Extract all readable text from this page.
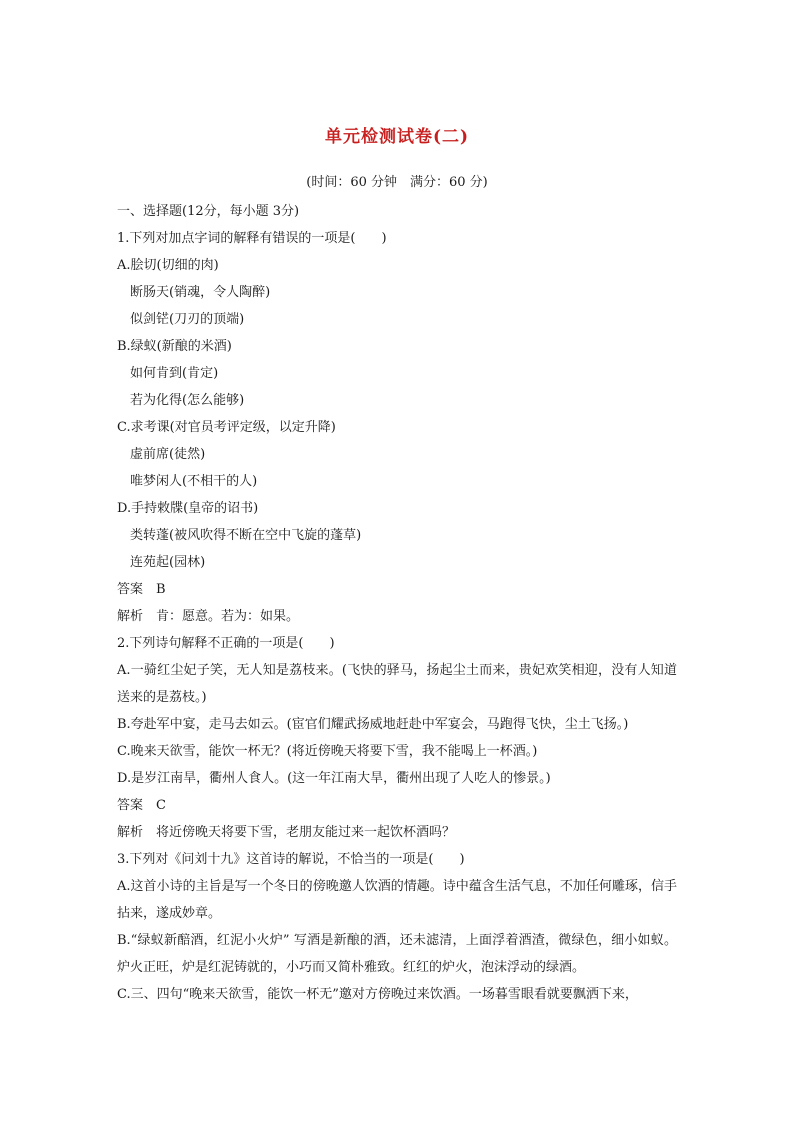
单元检测试卷(二)
(时间：60 分钟　满分：60 分)

一、选择题(12分，每小题 3分)

1.下列对加点字词的解释有错误的一项是(　　)

A.脍切(切细的肉)

断肠天(销魂，令人陶醉)

似剑铓(刀刃的顶端)

B.绿蚁(新酿的米酒)

如何肯到(肯定)

若为化得(怎么能够)

C.求考课(对官员考评定级，以定升降)

虚前席(徒然)

唯梦闲人(不相干的人)

D.手持敕牒(皇帝的诏书)

类转蓬(被风吹得不断在空中飞旋的蓬草)

连苑起(园林)

答案　B

解析　肯：愿意。若为：如果。

2.下列诗句解释不正确的一项是(　　)

A.一骑红尘妃子笑，无人知是荔枝来。(飞快的驿马，扬起尘土而来，贵妃欢笑相迎，没有人知道送来的是荔枝。)

B.夸赴军中宴，走马去如云。(宦官们耀武扬威地赶赴中军宴会，马跑得飞快，尘土飞扬。)

C.晚来天欲雪，能饮一杯无？(将近傍晚天将要下雪，我不能喝上一杯酒。)

D.是岁江南旱，衢州人食人。(这一年江南大旱，衢州出现了人吃人的惨景。)

答案　C

解析　将近傍晚天将要下雪，老朋友能过来一起饮杯酒吗？

3.下列对《问刘十九》这首诗的解说，不恰当的一项是(　　)

A.这首小诗的主旨是写一个冬日的傍晚邀人饮酒的情趣。诗中蕴含生活气息，不加任何雕琢，信手拈来，遂成妙章。

B.“绿蚁新醅酒，红泥小火炉” 写酒是新酿的酒，还未滤清，上面浮着酒渣，微绿色，细小如蚁。炉火正旺，炉是红泥铸就的，小巧而又简朴雅致。红红的炉火，泡沫浮动的绿酒。

C.三、四句“晚来天欲雪，能饮一杯无”邀对方傍晚过来饮酒。一场暮雪眼看就要飘洒下来，
